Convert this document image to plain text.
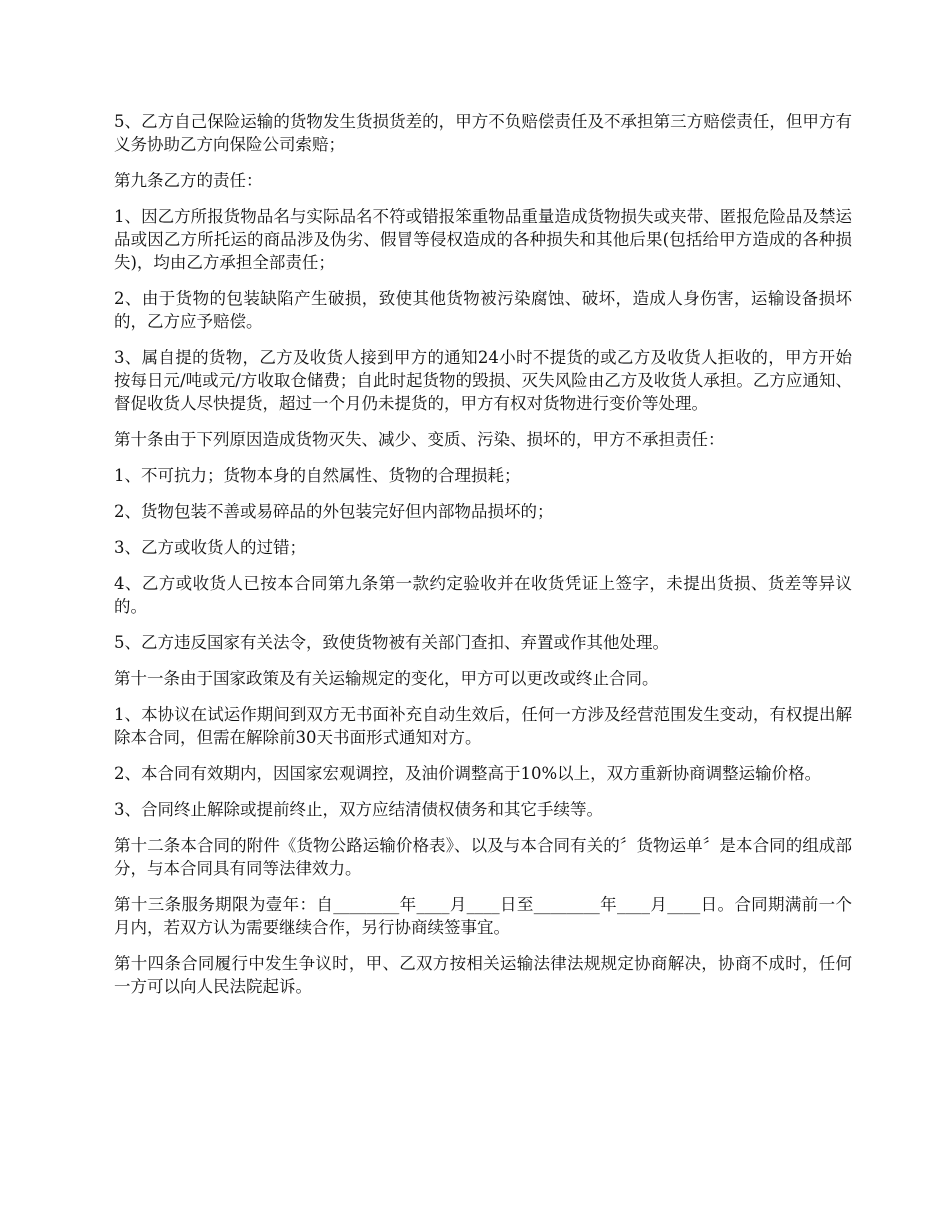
5、乙方自己保险运输的货物发生货损货差的，甲方不负赔偿责任及不承担第三方赔偿责任，但甲方有义务协助乙方向保险公司索赔；

第九条乙方的责任：

1、因乙方所报货物品名与实际品名不符或错报笨重物品重量造成货物损失或夹带、匿报危险品及禁运品或因乙方所托运的商品涉及伪劣、假冒等侵权造成的各种损失和其他后果(包括给甲方造成的各种损失)，均由乙方承担全部责任；

2、由于货物的包装缺陷产生破损，致使其他货物被污染腐蚀、破坏，造成人身伤害，运输设备损坏的，乙方应予赔偿。

3、属自提的货物，乙方及收货人接到甲方的通知24小时不提货的或乙方及收货人拒收的，甲方开始按每日元/吨或元/方收取仓储费；自此时起货物的毁损、灭失风险由乙方及收货人承担。乙方应通知、督促收货人尽快提货，超过一个月仍未提货的，甲方有权对货物进行变价等处理。

第十条由于下列原因造成货物灭失、减少、变质、污染、损坏的，甲方不承担责任：

1、不可抗力；货物本身的自然属性、货物的合理损耗；

2、货物包装不善或易碎品的外包装完好但内部物品损坏的；

3、乙方或收货人的过错；

4、乙方或收货人已按本合同第九条第一款约定验收并在收货凭证上签字，未提出货损、货差等异议的。

5、乙方违反国家有关法令，致使货物被有关部门查扣、弃置或作其他处理。

第十一条由于国家政策及有关运输规定的变化，甲方可以更改或终止合同。

1、本协议在试运作期间到双方无书面补充自动生效后，任何一方涉及经营范围发生变动，有权提出解除本合同，但需在解除前30天书面形式通知对方。

2、本合同有效期内，因国家宏观调控，及油价调整高于10%以上，双方重新协商调整运输价格。

3、合同终止解除或提前终止，双方应结清债权债务和其它手续等。

第十二条本合同的附件《货物公路运输价格表》、以及与本合同有关的〞货物运单〞是本合同的组成部分，与本合同具有同等法律效力。

第十三条服务期限为壹年：自________年____月____日至________年____月____日。合同期满前一个月内，若双方认为需要继续合作，另行协商续签事宜。

第十四条合同履行中发生争议时，甲、乙双方按相关运输法律法规规定协商解决，协商不成时，任何一方可以向人民法院起诉。
